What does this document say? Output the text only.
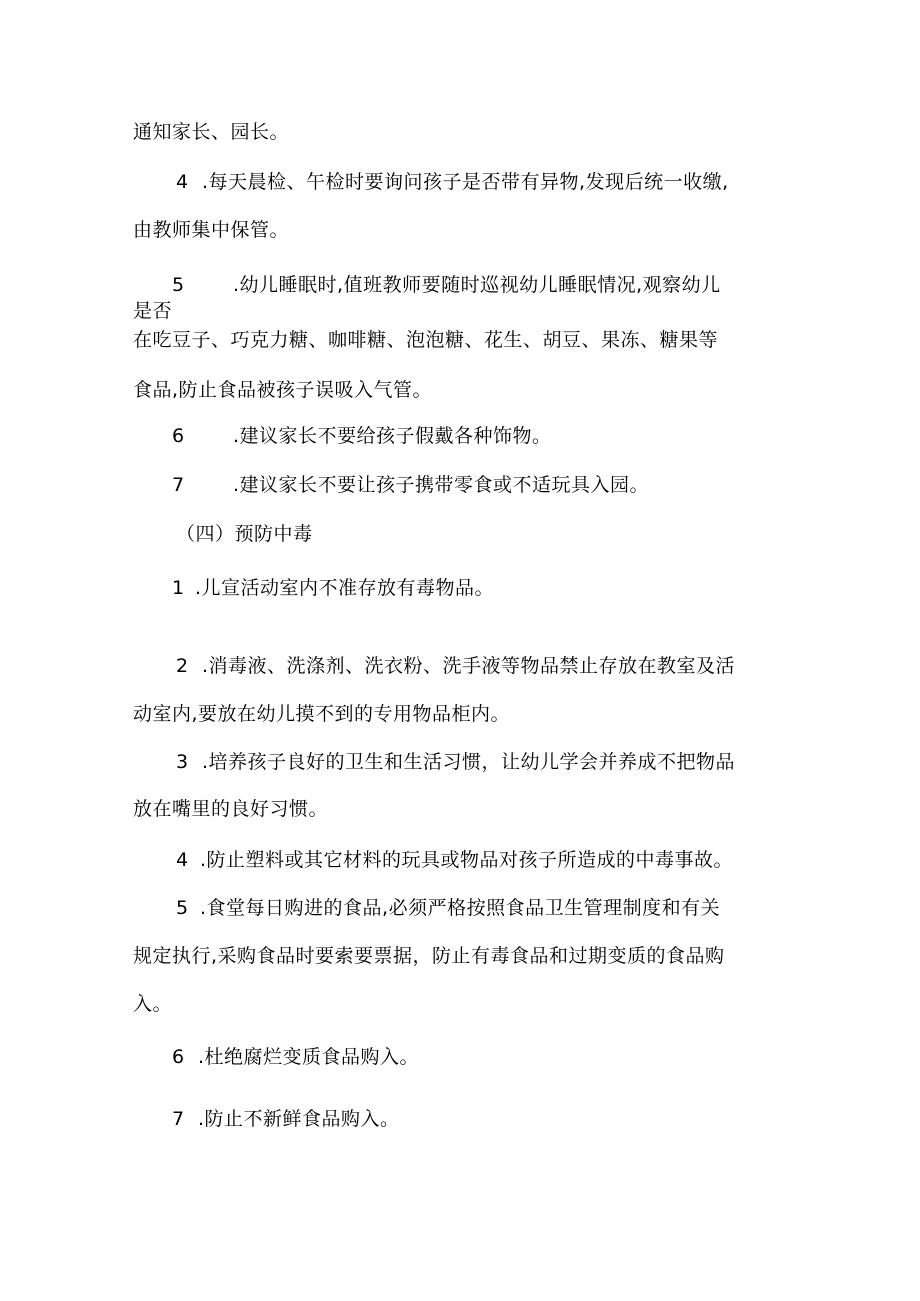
通知家长、园长。
4 .每天晨检、午检时要询问孩子是否带有异物,发现后统一收缴,
由教师集中保管。
5	.幼儿睡眠时,值班教师要随时巡视幼儿睡眠情况,观察幼儿
是否
在吃豆子、巧克力糖、咖啡糖、泡泡糖、花生、胡豆、果冻、糖果等
食品,防止食品被孩子误吸入气管。
6	.建议家长不要给孩子假戴各种饰物。
7	.建议家长不要让孩子携带零食或不适玩具入园。
（四）预防中毒
1 .儿宣活动室内不准存放有毒物品。
2 .消毒液、洗涤剂、洗衣粉、洗手液等物品禁止存放在教室及活
动室内,要放在幼儿摸不到的专用物品柜内。
3 .培养孩子良好的卫生和生活习惯，让幼儿学会并养成不把物品
放在嘴里的良好习惯。
4 .防止塑料或其它材料的玩具或物品对孩子所造成的中毒事故。
5 .食堂每日购进的食品,必须严格按照食品卫生管理制度和有关
规定执行,采购食品时要索要票据，防止有毒食品和过期变质的食品购
入。
6 .杜绝腐烂变质食品购入。
7 .防止不新鲜食品购入。
